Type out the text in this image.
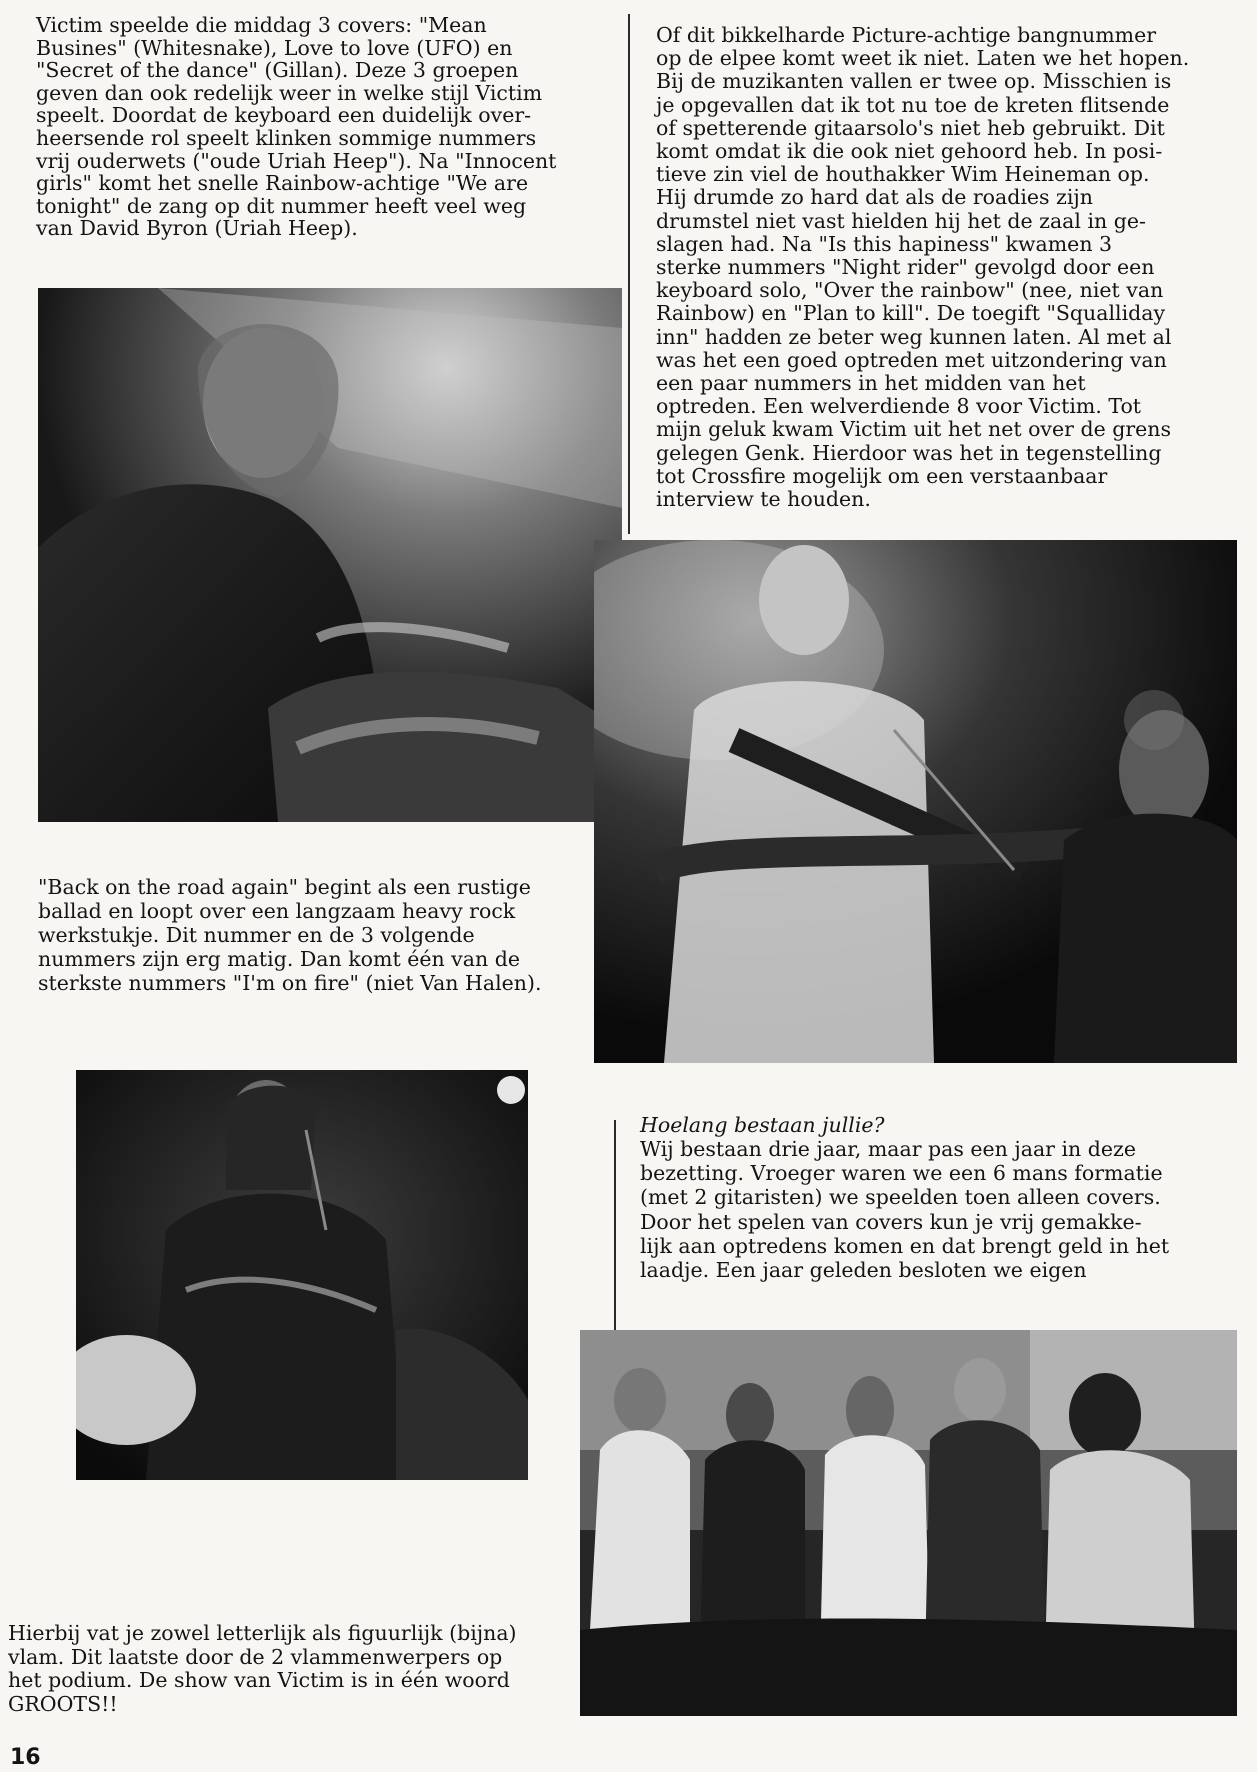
Victim speelde die middag 3 covers: "Mean
Busines" (Whitesnake), Love to love (UFO) en
"Secret of the dance" (Gillan). Deze 3 groepen
geven dan ook redelijk weer in welke stijl Victim
speelt. Doordat de keyboard een duidelijk over-
heersende rol speelt klinken sommige nummers
vrij ouderwets ("oude Uriah Heep"). Na "Innocent
girls" komt het snelle Rainbow-achtige "We are
tonight" de zang op dit nummer heeft veel weg
van David Byron (Uriah Heep).

Of dit bikkelharde Picture-achtige bangnummer
op de elpee komt weet ik niet. Laten we het hopen.
Bij de muzikanten vallen er twee op. Misschien is
je opgevallen dat ik tot nu toe de kreten flitsende
of spetterende gitaarsolo's niet heb gebruikt. Dit
komt omdat ik die ook niet gehoord heb. In posi-
tieve zin viel de houthakker Wim Heineman op.
Hij drumde zo hard dat als de roadies zijn
drumstel niet vast hielden hij het de zaal in ge-
slagen had. Na "Is this hapiness" kwamen 3
sterke nummers "Night rider" gevolgd door een
keyboard solo, "Over the rainbow" (nee, niet van
Rainbow) en "Plan to kill". De toegift "Squalliday
inn" hadden ze beter weg kunnen laten. Al met al
was het een goed optreden met uitzondering van
een paar nummers in het midden van het
optreden. Een welverdiende 8 voor Victim. Tot
mijn geluk kwam Victim uit het net over de grens
gelegen Genk. Hierdoor was het in tegenstelling
tot Crossfire mogelijk om een verstaanbaar
interview te houden.

"Back on the road again" begint als een rustige
ballad en loopt over een langzaam heavy rock
werkstukje. Dit nummer en de 3 volgende
nummers zijn erg matig. Dan komt één van de
sterkste nummers "I'm on fire" (niet Van Halen).

Hoelang bestaan jullie?

Wij bestaan drie jaar, maar pas een jaar in deze
bezetting. Vroeger waren we een 6 mans formatie
(met 2 gitaristen) we speelden toen alleen covers.
Door het spelen van covers kun je vrij gemakke-
lijk aan optredens komen en dat brengt geld in het
laadje. Een jaar geleden besloten we eigen

Hierbij vat je zowel letterlijk als figuurlijk (bijna)
vlam. Dit laatste door de 2 vlammenwerpers op
het podium. De show van Victim is in één woord
GROOTS!!

16
